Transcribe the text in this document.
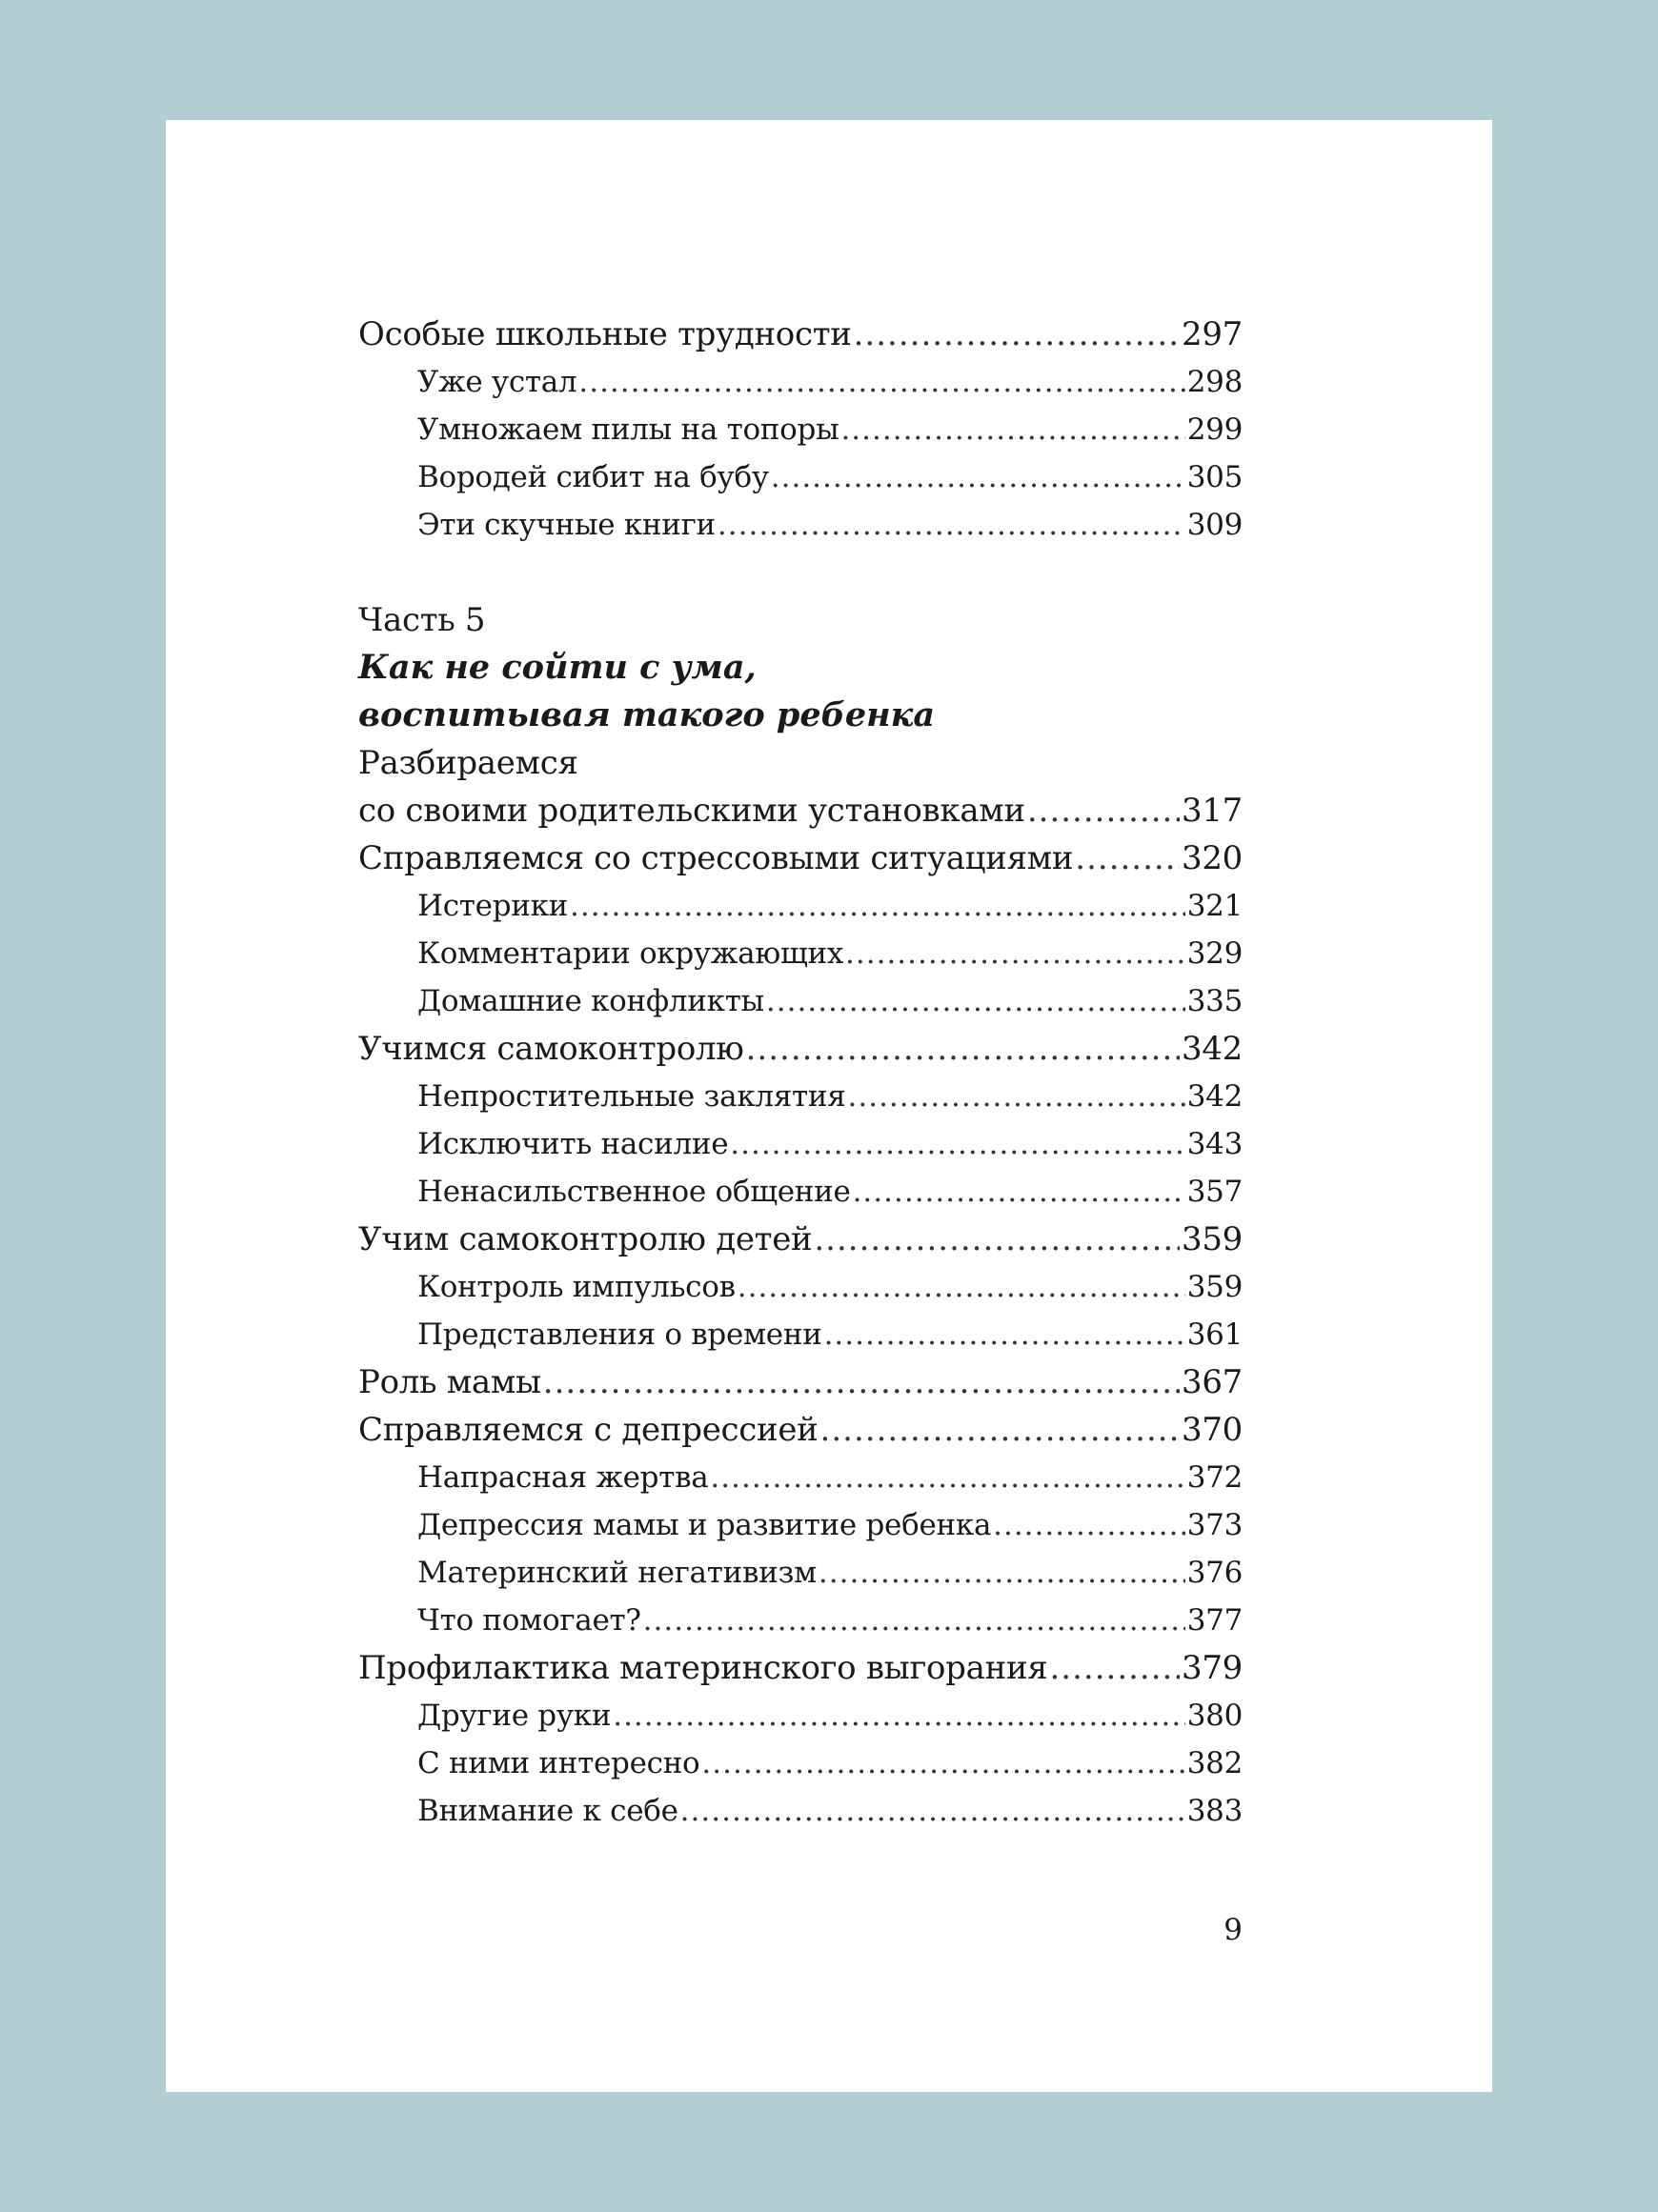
Особые школьные трудности .....	297
Уже устал .....	298
Умножаем пилы на топоры .....	299
Вородей сибит на бубу .....	305
Эти скучные книги .....	309
Часть 5
Как не сойти с ума,
воспитывая такого ребенка
Разбираемся
со своими родительскими установками .....	317
Справляемся со стрессовыми ситуациями .....	320
Истерики .....	321
Комментарии окружающих .....	329
Домашние конфликты .....	335
Учимся самоконтролю .....	342
Непростительные заклятия .....	342
Исключить насилие .....	343
Ненасильственное общение .....	357
Учим самоконтролю детей .....	359
Контроль импульсов .....	359
Представления о времени .....	361
Роль мамы .....	367
Справляемся с депрессией .....	370
Напрасная жертва .....	372
Депрессия мамы и развитие ребенка .....	373
Материнский негативизм .....	376
Что помогает? .....	377
Профилактика материнского выгорания .....	379
Другие руки .....	380
С ними интересно .....	382
Внимание к себе .....	383
9
